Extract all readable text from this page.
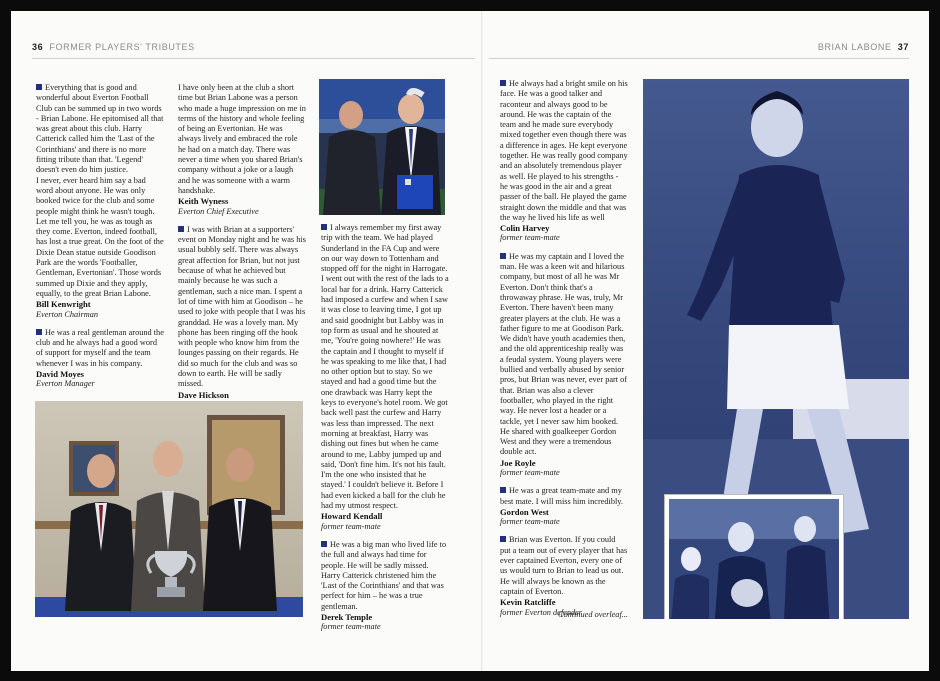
36 FORMER PLAYERS' TRIBUTES	BRIAN LABONE 37

Everything that is good and wonderful about Everton Football Club can be summed up in two words - Brian Labone. He epitomised all that was great about this club. Harry Catterick called him the 'Last of the Corinthians' and there is no more fitting tribute than that. 'Legend' doesn't even do him justice.
I never, ever heard him say a bad word about anyone. He was only booked twice for the club and some people might think he wasn't tough. Let me tell you, he was as tough as they come. Everton, indeed football, has lost a true great. On the foot of the Dixie Dean statue outside Goodison Park are the words 'Footballer, Gentleman, Evertonian'. Those words summed up Dixie and they apply, equally, to the great Brian Labone.
Bill Kenwright
Everton Chairman

He was a real gentleman around the club and he always had a good word of support for myself and the team whenever I was in his company.
David Moyes
Everton Manager

I have only been at the club a short time but Brian Labone was a person who made a huge impression on me in terms of the history and whole feeling of being an Evertonian. He was always lively and embraced the role he had on a match day. There was never a time when you shared Brian's company without a joke or a laugh and he was someone with a warm handshake.
Keith Wyness
Everton Chief Executive

I was with Brian at a supporters' event on Monday night and he was his usual bubbly self. There was always great affection for Brian, but not just because of what he achieved but mainly because he was such a gentleman, such a nice man. I spent a lot of time with him at Goodison – he used to joke with people that I was his granddad. He was a lovely man. My phone has been ringing off the hook with people who know him from the lounges passing on their regards. He did so much for the club and was so down to earth. He will be sadly missed.
Dave Hickson

I always remember my first away trip with the team. We had played Sunderland in the FA Cup and were on our way down to Tottenham and stopped off for the night in Harrogate. I went out with the rest of the lads to a local bar for a drink. Harry Catterick had imposed a curfew and when I saw it was close to leaving time, I got up and said goodnight but Labby was in top form as usual and he shouted at me, 'You're going nowhere!' He was the captain and I thought to myself if he was speaking to me like that, I had no other option but to stay. So we stayed and had a good time but the one drawback was Harry kept the keys to everyone's hotel room. We got back well past the curfew and Harry was less than impressed. The next morning at breakfast, Harry was dishing out fines but when he came around to me, Labby jumped up and said, 'Don't fine him. It's not his fault. I'm the one who insisted that he stayed.' I couldn't believe it. Before I had even kicked a ball for the club he had my utmost respect.
Howard Kendall
former team-mate

He was a big man who lived life to the full and always had time for people. He will be sadly missed. Harry Catterick christened him the 'Last of the Corinthians' and that was perfect for him – he was a true gentleman.
Derek Temple
former team-mate

He always had a bright smile on his face. He was a good talker and raconteur and always good to be around. He was the captain of the team and he made sure everybody mixed together even though there was a difference in ages. He kept everyone together. He was really good company and an absolutely tremendous player as well. He played to his strengths - he was good in the air and a great passer of the ball. He played the game straight down the middle and that was the way he lived his life as well
Colin Harvey
former team-mate

He was my captain and I loved the man. He was a keen wit and hilarious company, but most of all he was Mr Everton. Don't think that's a throwaway phrase. He was, truly, Mr Everton. There haven't been many greater players at the club. He was a father figure to me at Goodison Park. We didn't have youth academies then, and the old apprenticeship really was a feudal system. Young players were bullied and verbally abused by senior pros, but Brian was never, ever part of that. Brian was also a clever footballer, who played in the right way. He never lost a header or a tackle, yet I never saw him booked. He shared with goalkeeper Gordon West and they were a tremendous double act.
Joe Royle
former team-mate

He was a great team-mate and my best mate. I will miss him incredibly.
Gordon West
former team-mate

Brian was Everton. If you could put a team out of every player that has ever captained Everton, every one of us would turn to Brian to lead us out. He will always be known as the captain of Everton.
Kevin Ratcliffe
former Everton defender

Continued overleaf...
